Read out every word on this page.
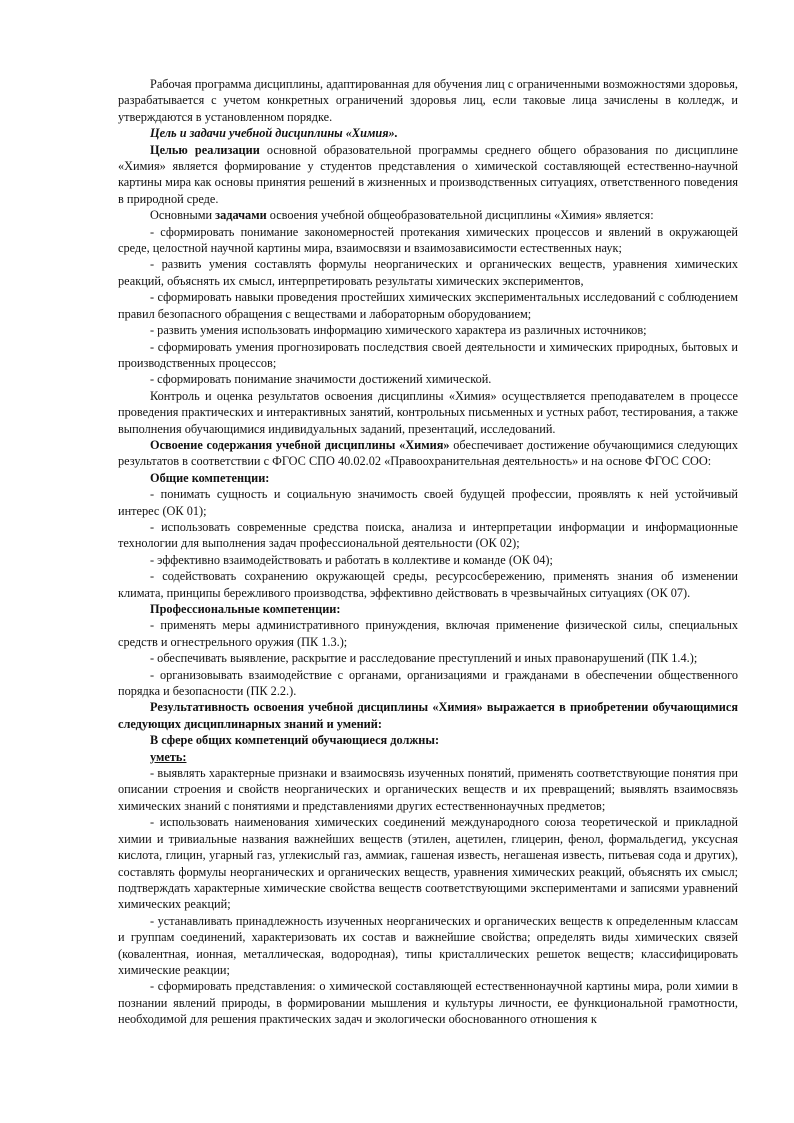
Рабочая программа дисциплины, адаптированная для обучения лиц с ограниченными возможностями здоровья, разрабатывается с учетом конкретных ограничений здоровья лиц, если таковые лица зачислены в колледж, и утверждаются в установленном порядке.

Цель и задачи учебной дисциплины «Химия».

Целью реализации основной образовательной программы среднего общего образования по дисциплине «Химия» является формирование у студентов представления о химической составляющей естественно-научной картины мира как основы принятия решений в жизненных и производственных ситуациях, ответственного поведения в природной среде.

Основными задачами освоения учебной общеобразовательной дисциплины «Химия» является:

- сформировать понимание закономерностей протекания химических процессов и явлений в окружающей среде, целостной научной картины мира, взаимосвязи и взаимозависимости естественных наук;

- развить умения составлять формулы неорганических и органических веществ, уравнения химических реакций, объяснять их смысл, интерпретировать результаты химических экспериментов,

- сформировать навыки проведения простейших химических экспериментальных исследований с соблюдением правил безопасного обращения с веществами и лабораторным оборудованием;

- развить умения использовать информацию химического характера из различных источников;

- сформировать умения прогнозировать последствия своей деятельности и химических природных, бытовых и производственных процессов;

- сформировать понимание значимости достижений химической.

Контроль и оценка результатов освоения дисциплины «Химия» осуществляется преподавателем в процессе проведения практических и интерактивных занятий, контрольных письменных и устных работ, тестирования, а также выполнения обучающимися индивидуальных заданий, презентаций, исследований.

Освоение содержания учебной дисциплины «Химия» обеспечивает достижение обучающимися следующих результатов в соответствии с ФГОС СПО 40.02.02 «Правоохранительная деятельность» и на основе ФГОС СОО:

Общие компетенции:

- понимать сущность и социальную значимость своей будущей профессии, проявлять к ней устойчивый интерес (ОК 01);

- использовать современные средства поиска, анализа и интерпретации информации и информационные технологии для выполнения задач профессиональной деятельности (ОК 02);

- эффективно взаимодействовать и работать в коллективе и команде (ОК 04);

- содействовать сохранению окружающей среды, ресурсосбережению, применять знания об изменении климата, принципы бережливого производства, эффективно действовать в чрезвычайных ситуациях (ОК 07).

Профессиональные компетенции:

- применять меры административного принуждения, включая применение физической силы, специальных средств и огнестрельного оружия (ПК 1.3.);

- обеспечивать выявление, раскрытие и расследование преступлений и иных правонарушений (ПК 1.4.);

- организовывать взаимодействие с органами, организациями и гражданами в обеспечении общественного порядка и безопасности (ПК 2.2.).

Результативность освоения учебной дисциплины «Химия» выражается в приобретении обучающимися следующих дисциплинарных знаний и умений:

В сфере общих компетенций обучающиеся должны:

уметь:

- выявлять характерные признаки и взаимосвязь изученных понятий, применять соответствующие понятия при описании строения и свойств неорганических и органических веществ и их превращений; выявлять взаимосвязь химических знаний с понятиями и представлениями других естественнонаучных предметов;

- использовать наименования химических соединений международного союза теоретической и прикладной химии и тривиальные названия важнейших веществ (этилен, ацетилен, глицерин, фенол, формальдегид, уксусная кислота, глицин, угарный газ, углекислый газ, аммиак, гашеная известь, негашеная известь, питьевая сода и других), составлять формулы неорганических и органических веществ, уравнения химических реакций, объяснять их смысл; подтверждать характерные химические свойства веществ соответствующими экспериментами и записями уравнений химических реакций;

- устанавливать принадлежность изученных неорганических и органических веществ к определенным классам и группам соединений, характеризовать их состав и важнейшие свойства; определять виды химических связей (ковалентная, ионная, металлическая, водородная), типы кристаллических решеток веществ; классифицировать химические реакции;

- сформировать представления: о химической составляющей естественнонаучной картины мира, роли химии в познании явлений природы, в формировании мышления и культуры личности, ее функциональной грамотности, необходимой для решения практических задач и экологически обоснованного отношения к
